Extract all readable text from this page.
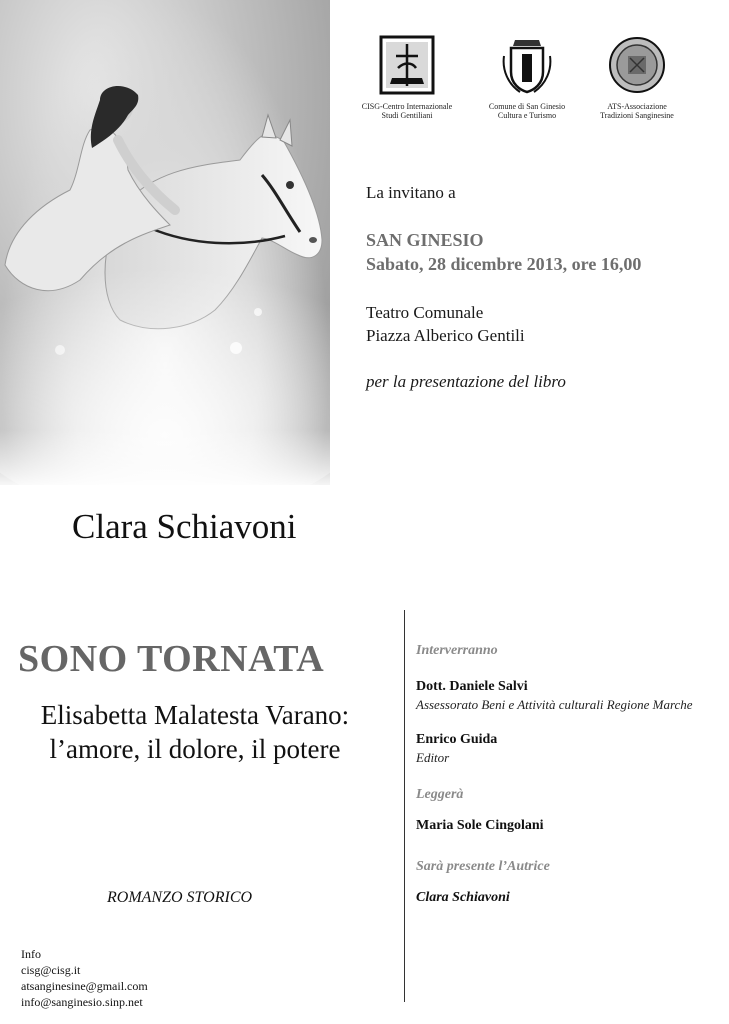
CISG-Centro Internazionale
Studi Gentiliani
Comune di San Ginesio
Cultura e Turismo
ATS-Associazione
Tradizioni Sanginesine
La invitano a
SAN GINESIO
Sabato, 28 dicembre 2013, ore 16,00
Teatro Comunale
Piazza Alberico Gentili
per la presentazione del libro
Clara Schiavoni
SONO TORNATA
Elisabetta Malatesta Varano:
l’amore, il dolore, il potere
ROMANZO STORICO
Info
cisg@cisg.it
atsanginesine@gmail.com
info@sanginesio.sinp.net
Interverranno
Dott. Daniele Salvi
Assessorato Beni e Attività culturali Regione Marche
Enrico Guida
Editor
Leggerà
Maria Sole Cingolani
Sarà presente l’Autrice
Clara Schiavoni
